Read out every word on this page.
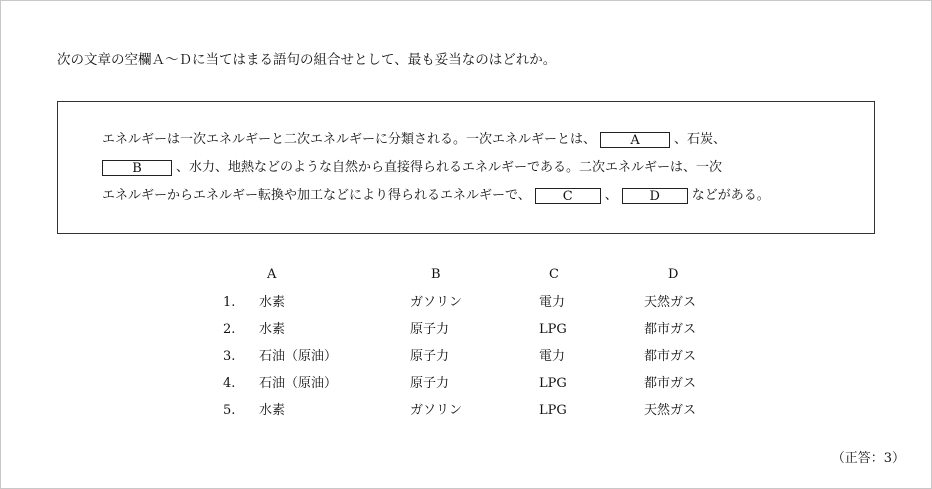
次の文章の空欄Ａ～Ｄに当てはまる語句の組合せとして、最も妥当なのはどれか。
エネルギーは一次エネルギーと二次エネルギーに分類される。一次エネルギーとは、	A	、石炭、
B	、水力、地熱などのような自然から直接得られるエネルギーである。二次エネルギーは、一次
エネルギーからエネルギー転換や加工などにより得られるエネルギーで、 C 、 D などがある。
A	B	C	D
1. 水素	ガソリン	電力	天然ガス
2. 水素	原子力	LPG	都市ガス
3. 石油（原油）	原子力	電力	都市ガス
4. 石油（原油）	原子力	LPG	都市ガス
5. 水素	ガソリン	LPG	天然ガス
（正答：3）
